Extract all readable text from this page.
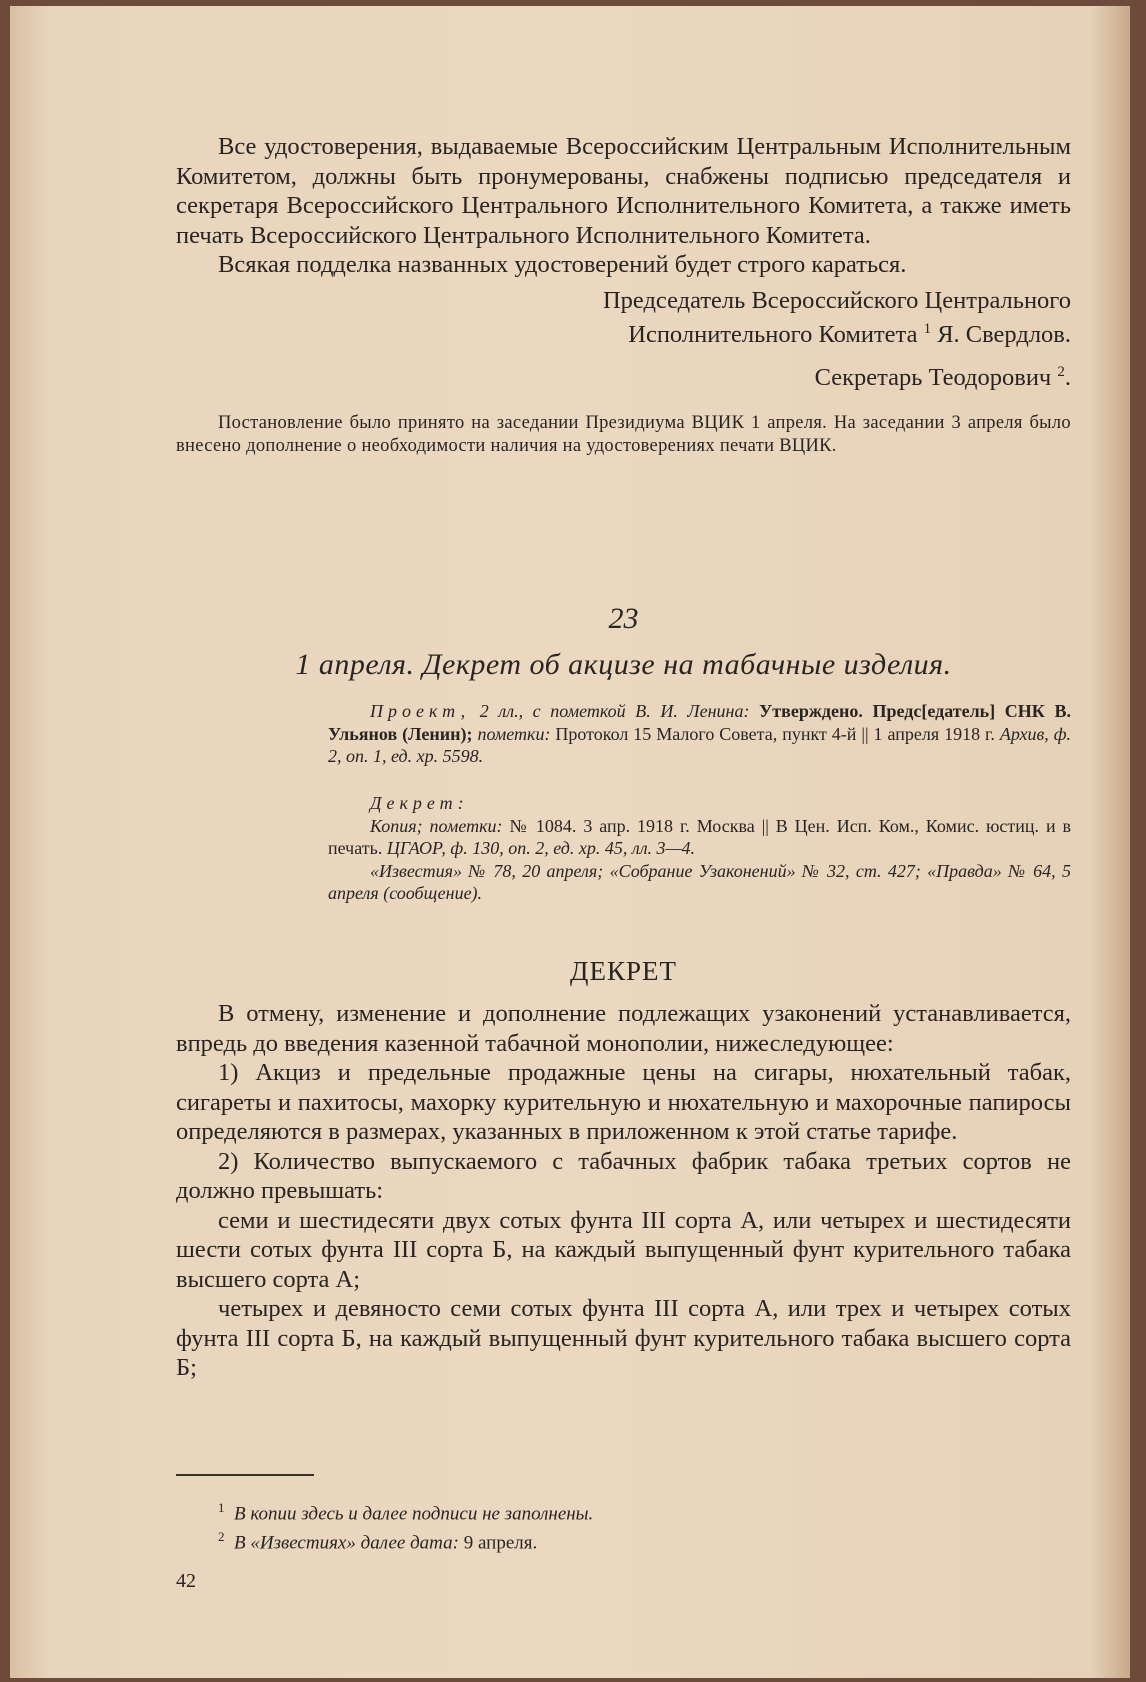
Все удостоверения, выдаваемые Всероссийским Центральным Исполнительным Комитетом, должны быть пронумерованы, снабжены подписью председателя и секретаря Всероссийского Центрального Исполнительного Комитета, а также иметь печать Всероссийского Центрального Исполнительного Комитета.

Всякая подделка названных удостоверений будет строго караться.

Председатель Всероссийского Центрального

Исполнительного Комитета $^1$ Я. Свердлов.

Секретарь Теодорович $^2$.

Постановление было принято на заседании Президиума ВЦИК 1 апреля. На заседании 3 апреля было внесено дополнение о необходимости наличия на удостоверениях печати ВЦИК.

23

1 апреля. Декрет об акцизе на табачные изделия.

Проект, 2 лл., с пометкой В. И. Ленина: Утверждено. Предс[едатель] СНК В. Ульянов (Ленин); пометки: Протокол 15 Малого Совета, пункт 4-й || 1 апреля 1918 г. Архив, ф. 2, оп. 1, ед. хр. 5598.

Декрет:

Копия; пометки: № 1084. 3 апр. 1918 г. Москва || В Цен. Исп. Ком., Комис. юстиц. и в печать. ЦГАОР, ф. 130, оп. 2, ед. хр. 45, лл. 3—4.

«Известия» № 78, 20 апреля; «Собрание Узаконений» № 32, ст. 427; «Правда» № 64, 5 апреля (сообщение).

ДЕКРЕТ

В отмену, изменение и дополнение подлежащих узаконений устанавливается, впредь до введения казенной табачной монополии, нижеследующее:

1) Акциз и предельные продажные цены на сигары, нюхательный табак, сигареты и пахитосы, махорку курительную и нюхательную и махорочные папиросы определяются в размерах, указанных в приложенном к этой статье тарифе.

2) Количество выпускаемого с табачных фабрик табака третьих сортов не должно превышать:

семи и шестидесяти двух сотых фунта III сорта А, или четырех и шестидесяти шести сотых фунта III сорта Б, на каждый выпущенный фунт курительного табака высшего сорта А;

четырех и девяносто семи сотых фунта III сорта А, или трех и четырех сотых фунта III сорта Б, на каждый выпущенный фунт курительного табака высшего сорта Б;

$^1$ В копии здесь и далее подписи не заполнены.

$^2$ В «Известиях» далее дата: 9 апреля.

42
